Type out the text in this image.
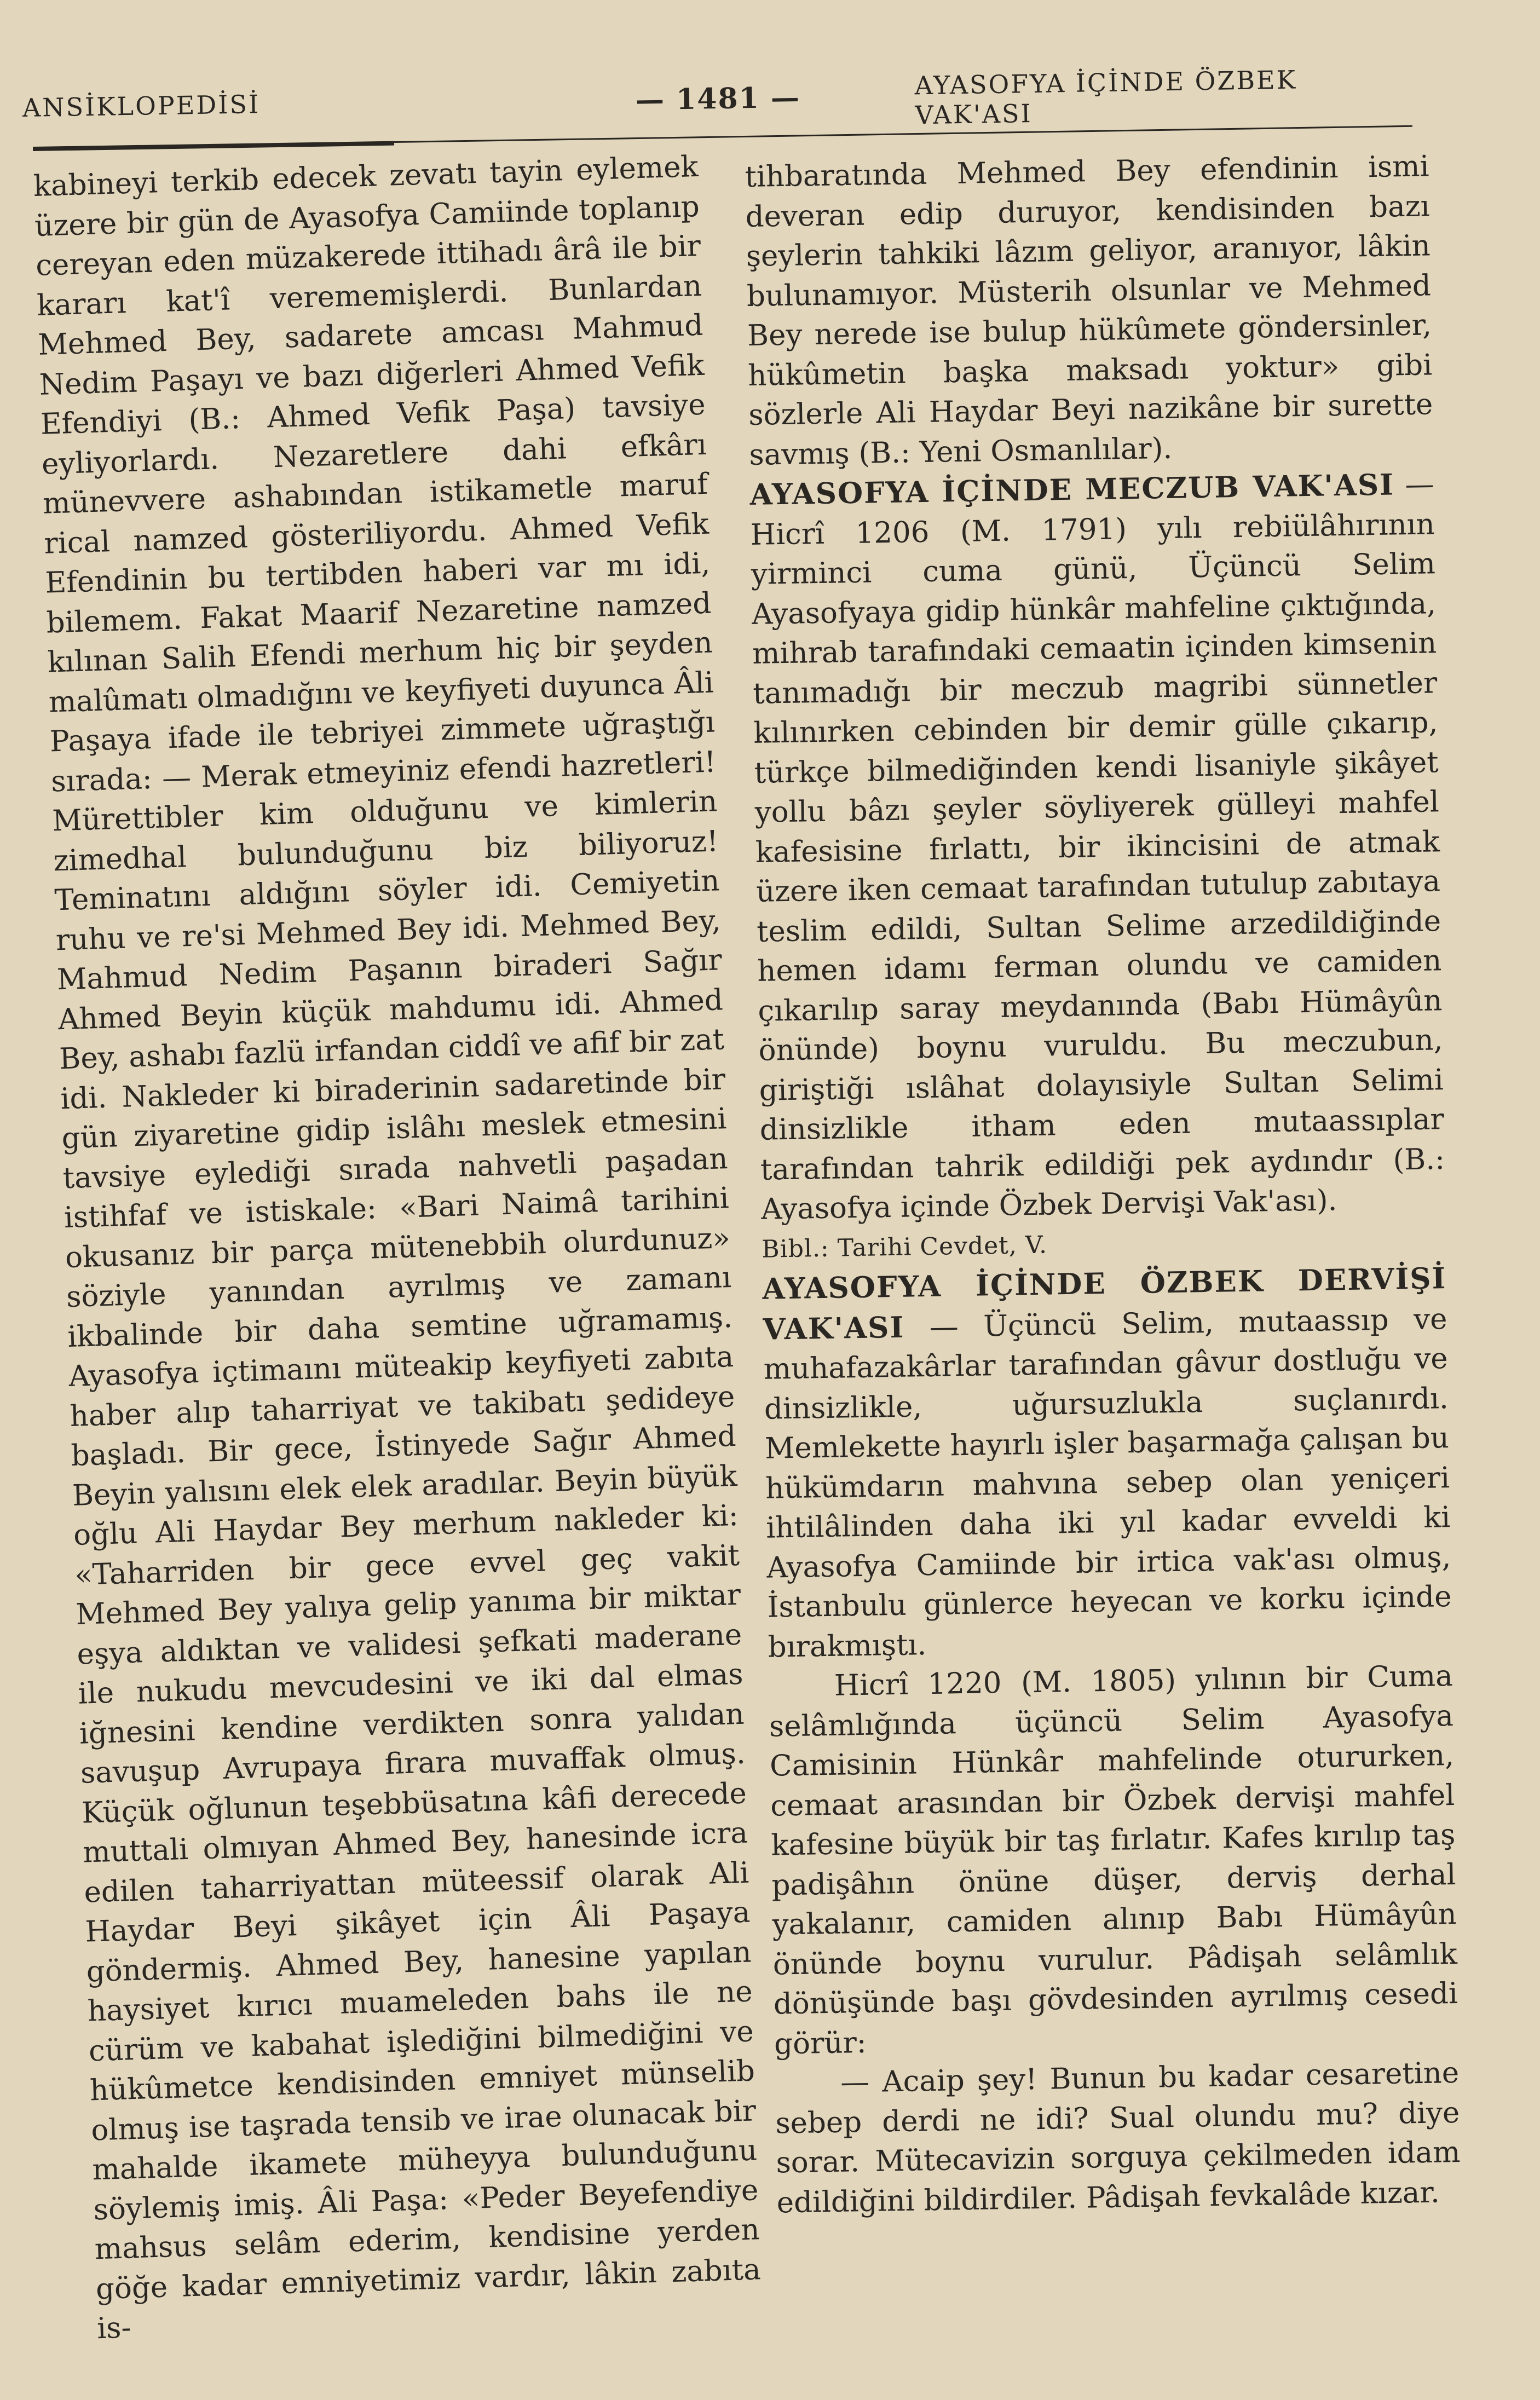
ANSİKLOPEDİSİ	— 1481 —	AYASOFYA İÇİNDE ÖZBEK VAK'ASI

kabineyi terkib edecek zevatı tayin eylemek üzere bir gün de Ayasofya Camiinde toplanıp cereyan eden müzakerede ittihadı ârâ ile bir kararı kat'î verememişlerdi. Bunlardan Mehmed Bey, sadarete amcası Mahmud Nedim Paşayı ve bazı diğerleri Ahmed Vefik Efendiyi (B.: Ahmed Vefik Paşa) tavsiye eyliyorlardı. Nezaretlere dahi efkârı münevvere ashabından istikametle maruf rical namzed gösteriliyordu. Ahmed Vefik Efendinin bu tertibden haberi var mı idi, bilemem. Fakat Maarif Nezaretine namzed kılınan Salih Efendi merhum hiç bir şeyden malûmatı olmadığını ve keyfiyeti duyunca Âli Paşaya ifade ile tebriyei zimmete uğraştığı sırada: — Merak etmeyiniz efendi hazretleri! Mürettibler kim olduğunu ve kimlerin zimedhal bulunduğunu biz biliyoruz! Teminatını aldığını söyler idi. Cemiyetin ruhu ve re'si Mehmed Bey idi. Mehmed Bey, Mahmud Nedim Paşanın biraderi Sağır Ahmed Beyin küçük mahdumu idi. Ahmed Bey, ashabı fazlü irfandan ciddî ve afif bir zat idi. Nakleder ki biraderinin sadaretinde bir gün ziyaretine gidip islâhı meslek etmesini tavsiye eylediği sırada nahvetli paşadan istihfaf ve istiskale: «Bari Naimâ tarihini okusanız bir parça mütenebbih olurdunuz» söziyle yanından ayrılmış ve zamanı ikbalinde bir daha semtine uğramamış. Ayasofya içtimaını müteakip keyfiyeti zabıta haber alıp taharriyat ve takibatı şedideye başladı. Bir gece, İstinyede Sağır Ahmed Beyin yalısını elek elek aradılar. Beyin büyük oğlu Ali Haydar Bey merhum nakleder ki: «Taharriden bir gece evvel geç vakit Mehmed Bey yalıya gelip yanıma bir miktar eşya aldıktan ve validesi şefkati maderane ile nukudu mevcudesini ve iki dal elmas iğnesini kendine verdikten sonra yalıdan savuşup Avrupaya firara muvaffak olmuş. Küçük oğlunun teşebbüsatına kâfi derecede muttali olmıyan Ahmed Bey, hanesinde icra edilen taharriyattan müteessif olarak Ali Haydar Beyi şikâyet için Âli Paşaya göndermiş. Ahmed Bey, hanesine yapılan haysiyet kırıcı muameleden bahs ile ne cürüm ve kabahat işlediğini bilmediğini ve hükûmetce kendisinden emniyet münselib olmuş ise taşrada tensib ve irae olunacak bir mahalde ikamete müheyya bulunduğunu söylemiş imiş. Âli Paşa: «Peder Beyefendiye mahsus selâm ederim, kendisine yerden göğe kadar emniyetimiz vardır, lâkin zabıta is-

tihbaratında Mehmed Bey efendinin ismi deveran edip duruyor, kendisinden bazı şeylerin tahkiki lâzım geliyor, aranıyor, lâkin bulunamıyor. Müsterih olsunlar ve Mehmed Bey nerede ise bulup hükûmete göndersinler, hükûmetin başka maksadı yoktur» gibi sözlerle Ali Haydar Beyi nazikâne bir surette savmış (B.: Yeni Osmanlılar).

AYASOFYA İÇİNDE MECZUB VAK'ASI — Hicrî 1206 (M. 1791) yılı rebiülâhırının yirminci cuma günü, Üçüncü Selim Ayasofyaya gidip hünkâr mahfeline çıktığında, mihrab tarafındaki cemaatin içinden kimsenin tanımadığı bir meczub magribi sünnetler kılınırken cebinden bir demir gülle çıkarıp, türkçe bilmediğinden kendi lisaniyle şikâyet yollu bâzı şeyler söyliyerek gülleyi mahfel kafesisine fırlattı, bir ikincisini de atmak üzere iken cemaat tarafından tutulup zabıtaya teslim edildi, Sultan Selime arzedildiğinde hemen idamı ferman olundu ve camiden çıkarılıp saray meydanında (Babı Hümâyûn önünde) boynu vuruldu. Bu meczubun, giriştiği ıslâhat dolayısiyle Sultan Selimi dinsizlikle itham eden mutaassıplar tarafından tahrik edildiği pek aydındır (B.: Ayasofya içinde Özbek Dervişi Vak'ası).

Bibl.: Tarihi Cevdet, V.

AYASOFYA İÇİNDE ÖZBEK DERVİŞİ VAK'ASI — Üçüncü Selim, mutaassıp ve muhafazakârlar tarafından gâvur dostluğu ve dinsizlikle, uğursuzlukla suçlanırdı. Memlekette hayırlı işler başarmağa çalışan bu hükümdarın mahvına sebep olan yeniçeri ihtilâlinden daha iki yıl kadar evveldi ki Ayasofya Camiinde bir irtica vak'ası olmuş, İstanbulu günlerce heyecan ve korku içinde bırakmıştı.

Hicrî 1220 (M. 1805) yılının bir Cuma selâmlığında üçüncü Selim Ayasofya Camisinin Hünkâr mahfelinde otururken, cemaat arasından bir Özbek dervişi mahfel kafesine büyük bir taş fırlatır. Kafes kırılıp taş padişâhın önüne düşer, derviş derhal yakalanır, camiden alınıp Babı Hümâyûn önünde boynu vurulur. Pâdişah selâmlık dönüşünde başı gövdesinden ayrılmış cesedi görür:

— Acaip şey! Bunun bu kadar cesaretine sebep derdi ne idi? Sual olundu mu? diye sorar. Mütecavizin sorguya çekilmeden idam edildiğini bildirdiler. Pâdişah fevkalâde kızar.
